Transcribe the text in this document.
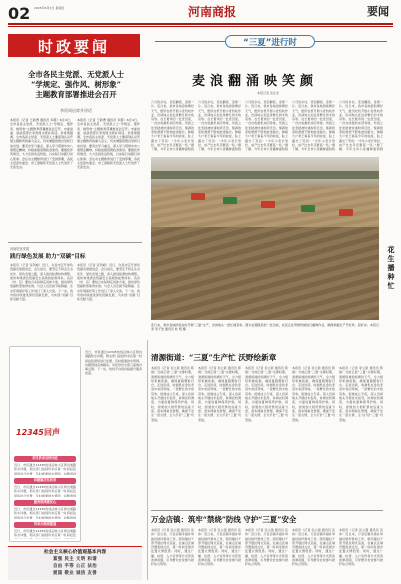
02 2025年6月5日 星期四	河南商报	要闻
时政要闻
全市各民主党派、无党派人士
“学规定、强作风、树形象”
主题教育部署推进会召开
李贵周出席并讲话
本报讯（记者 王新博 通讯员 李霞）6月4日，全市各民主党派、无党派人士“学规定、强作风、树形象”主题教育部署推进会召开。市委常委、统战部部长李贵周出席并讲话。李贵周强调，全市各民主党派、无党派人士要深刻认识开展主题教育的重大意义，切实增强思想自觉和行动自觉。要突出学习重点，深入学习贯彻中央八项规定精神，持续加强思想政治建设。要强化作风建设，大力弘扬优良传统，以实际行动践行初心使命。会议对主题教育进行了安排部署，各民主党派市委会、市工商联和无党派人士代表作了交流发言。
本报讯（记者 王新博 通讯员 李霞）6月4日，全市各民主党派、无党派人士“学规定、强作风、树形象”主题教育部署推进会召开。市委常委、统战部部长李贵周出席并讲话。李贵周强调，全市各民主党派、无党派人士要深刻认识开展主题教育的重大意义，切实增强思想自觉和行动自觉。要突出学习重点，深入学习贯彻中央八项规定精神，持续加强思想政治建设。要强化作风建设，大力弘扬优良传统，以实际行动践行初心使命。会议对主题教育进行了安排部署，各民主党派市委会、市工商联和无党派人士代表作了交流发言。
“三夏”进行时
麦浪翻涌映笑颜
本报记者 张征北
六月的乡村，麦浪翻滚，金黄一片。连日来，我市各地抢抓晴好天气，组织农机开展小麦机收作业，田间地头处处是繁忙的丰收景象。在长葛市的一处麦田里，一台台收割机来回穿梭，所到之处麦秸被快速粉碎还田，饱满的麦粒源源不断地装进粮仓。种粮大户老王看着今年的收成，脸上露出了笑容：“今年小麦长势好，亩产比去年还要高一些。”据了解，今年全市小麦播种面积稳
六月的乡村，麦浪翻滚，金黄一片。连日来，我市各地抢抓晴好天气，组织农机开展小麦机收作业，田间地头处处是繁忙的丰收景象。在长葛市的一处麦田里，一台台收割机来回穿梭，所到之处麦秸被快速粉碎还田，饱满的麦粒源源不断地装进粮仓。种粮大户老王看着今年的收成，脸上露出了笑容：“今年小麦长势好，亩产比去年还要高一些。”据了解，今年全市小麦播种面积稳
六月的乡村，麦浪翻滚，金黄一片。连日来，我市各地抢抓晴好天气，组织农机开展小麦机收作业，田间地头处处是繁忙的丰收景象。在长葛市的一处麦田里，一台台收割机来回穿梭，所到之处麦秸被快速粉碎还田，饱满的麦粒源源不断地装进粮仓。种粮大户老王看着今年的收成，脸上露出了笑容：“今年小麦长势好，亩产比去年还要高一些。”据了解，今年全市小麦播种面积稳
六月的乡村，麦浪翻滚，金黄一片。连日来，我市各地抢抓晴好天气，组织农机开展小麦机收作业，田间地头处处是繁忙的丰收景象。在长葛市的一处麦田里，一台台收割机来回穿梭，所到之处麦秸被快速粉碎还田，饱满的麦粒源源不断地装进粮仓。种粮大户老王看着今年的收成，脸上露出了笑容：“今年小麦长势好，亩产比去年还要高一些。”据了解，今年全市小麦播种面积稳
六月的乡村，麦浪翻滚，金黄一片。连日来，我市各地抢抓晴好天气，组织农机开展小麦机收作业，田间地头处处是繁忙的丰收景象。在长葛市的一处麦田里，一台台收割机来回穿梭，所到之处麦秸被快速粉碎还田，饱满的麦粒源源不断地装进粮仓。种粮大户老王看着今年的收成，脸上露出了笑容：“今年小麦长势好，亩产比去年还要高一些。”据了解，今年全市小麦播种面积稳
花生播种忙
连日来，我市各地抢抓农时开展“三夏”生产，田间地头一派忙碌景象。图为在鄢陵县的一处田间，农民正在驾驶机械进行播种作业，确保秋粮生产开好局、起好步。本报记者 李子浩 通讯员 杜 明 摄
河南驻优发展
践行绿色发展 助力“双碳”目标
本报讯（记者 张利峰）近日，许昌市召开绿色低碳发展推进会，会议指出，要坚定不移走生态优先、绿色发展之路，深入推进能源结构调整，加快构建清洁低碳安全高效的能源体系。各县（市、区）要结合实际制定具体方案，推动绿色低碳转型取得实效。与会人员还就节能降碳、生态环境保护等工作进行了深入交流。下一步，我市将持续推进绿色低碳发展，为实现“双碳”目标贡献力量。
本报讯（记者 张利峰）近日，许昌市召开绿色低碳发展推进会，会议指出，要坚定不移走生态优先、绿色发展之路，深入推进能源结构调整，加快构建清洁低碳安全高效的能源体系。各县（市、区）要结合实际制定具体方案，推动绿色低碳转型取得实效。与会人员还就节能降碳、生态环境保护等工作进行了深入交流。下一步，我市将持续推进绿色低碳发展，为实现“双碳”目标贡献力量。
12345 回声
市民诉求及时回应
近日，市民通过12345热线反映小区周边道路积水问题，相关部门接到诉求后第一时间赶赴现场进行处置，及时疏通排水管网，问题得到
问题解决有回音
近日，市民通过12345热线反映小区周边道路积水问题，相关部门接到诉求后第一时间赶赴现场进行处置，及时疏通排水管网，问题得到
服务热线暖民心
近日，市民通过12345热线反映小区周边道路积水问题，相关部门接到诉求后第一时间赶赴现场进行处置，及时疏通排水管网，问题得到
诉求办理再提速
近日，市民通过12345热线反映小区周边道路积水问题，相关部门接到诉求后第一时间赶赴
近日，市民通过12345热线反映小区周边道路积水问题，相关部门接到诉求后第一时间赶赴现场进行处置，及时疏通排水管网，问题得到有效解决。市民纷纷为部门高效办事点赞。下一步，热线平台将持续提升服务质量。
清源街道：“三夏”生产忙 沃野绘新章
本报讯（记者 李立新 通讯员 陈晨）当前正值“三夏”关键时期，清源街道抢抓晴好天气，全力组织机械收割，确保夏粮颗粒归仓。走进田间，收割机在金色麦浪中来回穿梭，一派繁忙的丰收景象。街道成立专班，深入田间地头开展技术指导，协调农机调度，为夏收夏种保驾护航。同时，街道加大秸秆禁烧巡查力度，落实网格化管理，确保不发生一起火情，全力打好“三夏”攻坚战。
本报讯（记者 李立新 通讯员 陈晨）当前正值“三夏”关键时期，清源街道抢抓晴好天气，全力组织机械收割，确保夏粮颗粒归仓。走进田间，收割机在金色麦浪中来回穿梭，一派繁忙的丰收景象。街道成立专班，深入田间地头开展技术指导，协调农机调度，为夏收夏种保驾护航。同时，街道加大秸秆禁烧巡查力度，落实网格化管理，确保不发生一起火情，全力打好“三夏”攻坚战。
本报讯（记者 李立新 通讯员 陈晨）当前正值“三夏”关键时期，清源街道抢抓晴好天气，全力组织机械收割，确保夏粮颗粒归仓。走进田间，收割机在金色麦浪中来回穿梭，一派繁忙的丰收景象。街道成立专班，深入田间地头开展技术指导，协调农机调度，为夏收夏种保驾护航。同时，街道加大秸秆禁烧巡查力度，落实网格化管理，确保不发生一起火情，全力打好“三夏”攻坚战。
本报讯（记者 李立新 通讯员 陈晨）当前正值“三夏”关键时期，清源街道抢抓晴好天气，全力组织机械收割，确保夏粮颗粒归仓。走进田间，收割机在金色麦浪中来回穿梭，一派繁忙的丰收景象。街道成立专班，深入田间地头开展技术指导，协调农机调度，为夏收夏种保驾护航。同时，街道加大秸秆禁烧巡查力度，落实网格化管理，确保不发生一起火情，全力打好“三夏”攻坚战。
本报讯（记者 李立新 通讯员 陈晨）当前正值“三夏”关键时期，清源街道抢抓晴好天气，全力组织机械收割，确保夏粮颗粒归仓。走进田间，收割机在金色麦浪中来回穿梭，一派繁忙的丰收景象。街道成立专班，深入田间地头开展技术指导，协调农机调度，为夏收夏种保驾护航。同时，街道加大秸秆禁烧巡查力度，落实网格化管理，确保不发生一起火情，全力打好“三夏”攻坚战。
万金店镇：筑牢“禁烧”防线 守护“三夏”安全
本报讯（记者 张立强 通讯员 张伟）连日来，万金店镇多措并举做好秸秆禁烧工作，组织镇村干部开展拉网式巡查，在重点区域设置监控点位，第一时间发现并处置火情隐患。同时，通过广播、标语、入户宣传等方式营造浓厚氛围，引导群众自觉参与秸秆综合利用。
本报讯（记者 张立强 通讯员 张伟）连日来，万金店镇多措并举做好秸秆禁烧工作，组织镇村干部开展拉网式巡查，在重点区域设置监控点位，第一时间发现并处置火情隐患。同时，通过广播、标语、入户宣传等方式营造浓厚氛围，引导群众自觉参与秸秆综合利用。
本报讯（记者 张立强 通讯员 张伟）连日来，万金店镇多措并举做好秸秆禁烧工作，组织镇村干部开展拉网式巡查，在重点区域设置监控点位，第一时间发现并处置火情隐患。同时，通过广播、标语、入户宣传等方式营造浓厚氛围，引导群众自觉参与秸秆综合利用。
本报讯（记者 张立强 通讯员 张伟）连日来，万金店镇多措并举做好秸秆禁烧工作，组织镇村干部开展拉网式巡查，在重点区域设置监控点位，第一时间发现并处置火情隐患。同时，通过广播、标语、入户宣传等方式营造浓厚氛围，引导群众自觉参与秸秆综合利用。
本报讯（记者 张立强 通讯员 张伟）连日来，万金店镇多措并举做好秸秆禁烧工作，组织镇村干部开展拉网式巡查，在重点区域设置监控点位，第一时间发现并处置火情隐患。同时，通过广播、标语、入户宣传等方式营造浓厚氛围，引导群众自觉参与秸秆综合利用。
社会主义核心价值观基本内容
富强 民主 文明 和谐
自由 平等 公正 法治
爱国 敬业 诚信 友善
